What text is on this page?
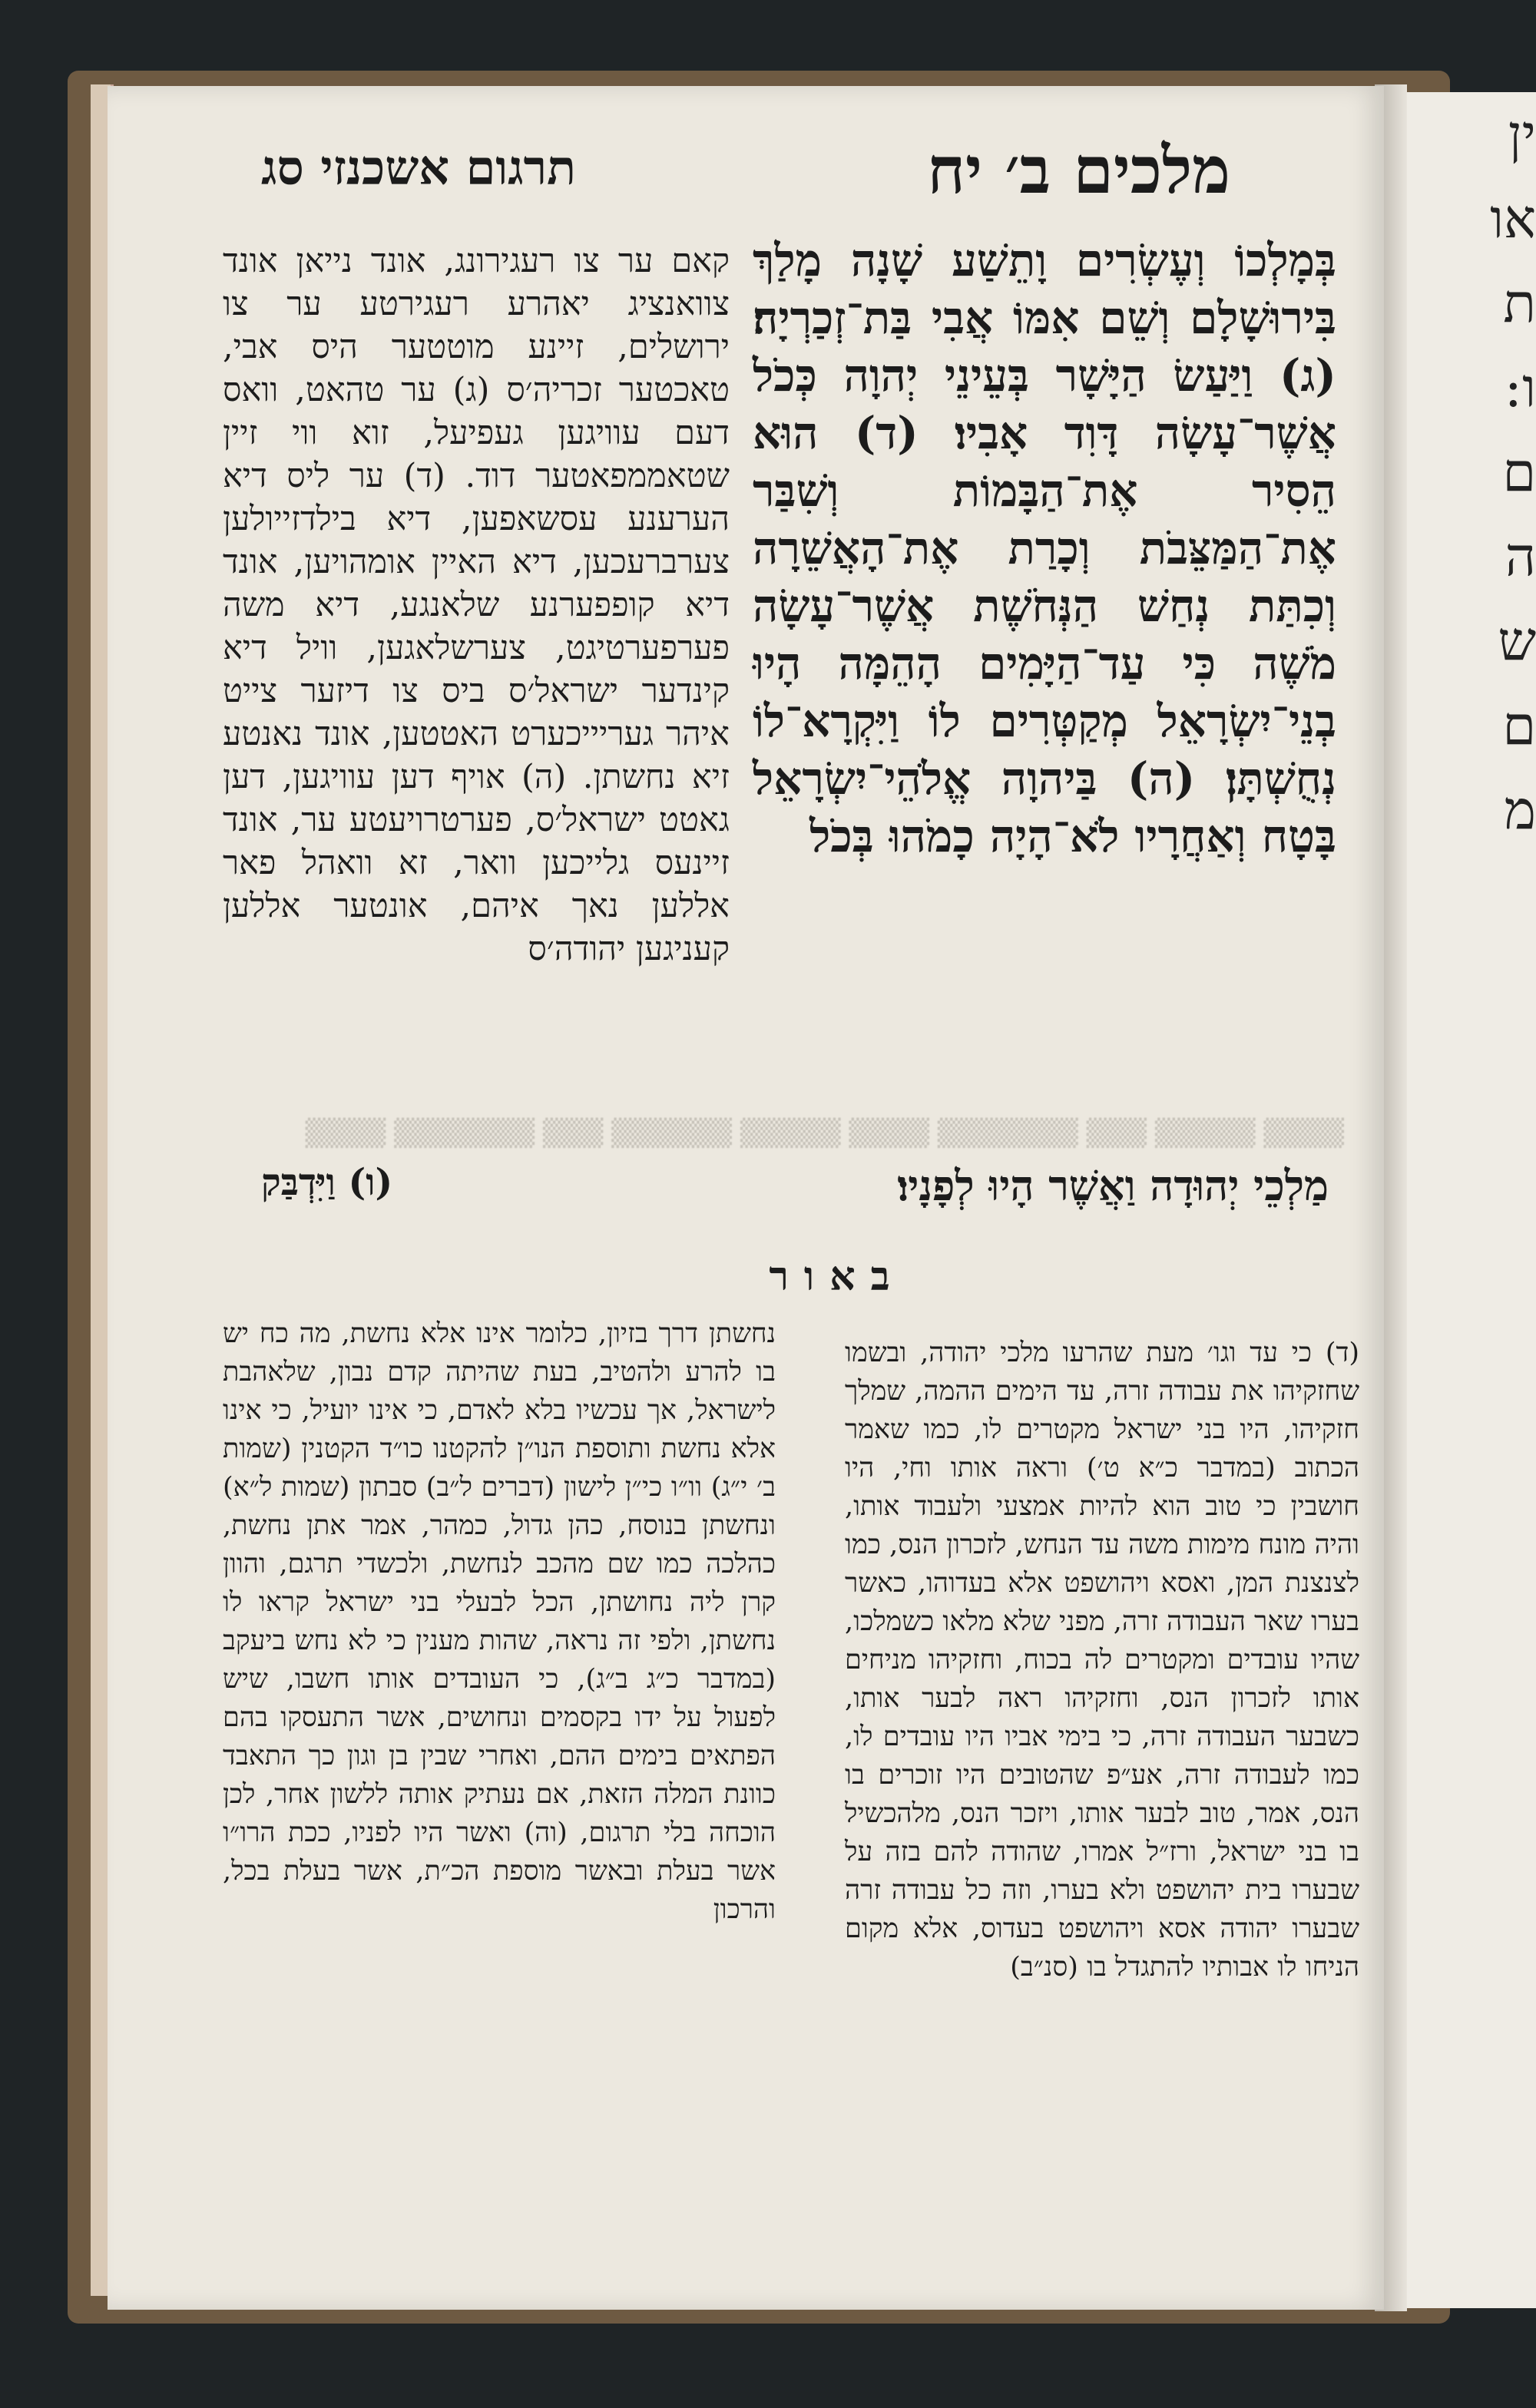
ין
או
ת
ו:
ם
ה
ש
ם
מ
מלכים ב׳ יח
תרגום אשכנזי סג
בְּמָלְכוֹ וְעֶשְׂרִים וָתֵשַׁע שָׁנָה מָלַךְ בִּירוּשָׁלָם וְשֵׁם אִמּוֹ אֲבִי בַּת־זְכַרְיָה׃ (ג) וַיַּעַשׂ הַיָּשָׁר בְּעֵינֵי יְהוָה כְּכֹל אֲשֶׁר־עָשָׂה דָּוִד אָבִיו׃ (ד) הוּא הֵסִיר אֶת־הַבָּמוֹת וְשִׁבַּר אֶת־הַמַּצֵּבֹת וְכָרַת אֶת־הָאֲשֵׁרָה וְכִתַּת נְחַשׁ הַנְּחֹשֶׁת אֲשֶׁר־עָשָׂה מֹשֶׁה כִּי עַד־הַיָּמִים הָהֵמָּה הָיוּ בְנֵי־יִשְׂרָאֵל מְקַטְּרִים לוֹ וַיִּקְרָא־לוֹ נְחֻשְׁתָּן׃ (ה) בַּיהוָה אֱלֹהֵי־יִשְׂרָאֵל בָּטָח וְאַחֲרָיו לֹא־הָיָה כָמֹהוּ בְּכֹל
קאם ער צו רעגירונג, אונד נייאן אונד צוואנציג יאהרע רעגירטע ער צו ירושלים, זיינע מוטטער היס אבי, טאכטער זכריה׳ס (ג) ער טהאט, וואס דעם עוויגען געפיעל, זוא ווי זיין שטאממפאטער דוד. (ד) ער ליס דיא הערענע עסשאפען, דיא בילדזייולען צערברעכען, דיא האיין אומהויען, אונד דיא קופפערנע שלאנגע, דיא משה פערפערטיגט, צערשלאגען, וויל דיא קינדער ישראל׳ס ביס צו דיזער צייט איהר געריייכערט האטטען, אונד נאנטע זיא נחשתן. (ה) אויף דען עוויגען, דען גאטט ישראל׳ס, פערטרויעטע ער, אונד זיינעס גלייכען וואר, זא וואהל פאר אללען נאך איהם, אונטער אללען קעניגען יהודה׳ס
▒▒▒▒ ▒▒▒▒▒ ▒▒▒ ▒▒▒▒▒▒▒ ▒▒▒▒ ▒▒▒▒▒ ▒▒▒▒▒▒ ▒▒▒ ▒▒▒▒▒▒▒ ▒▒▒▒
מַלְכֵי יְהוּדָה וַאֲשֶׁר הָיוּ לְפָנָיו׃
(ו) וַיִּדְבַּק
באור
(ד) כי עד וגו׳ מעת שהרעו מלכי יהודה, ובשמו שחזקיהו את עבודה זרה, עד הימים ההמה, שמלך חזקיהו, היו בני ישראל מקטרים לו, כמו שאמר הכתוב (במדבר כ״א ט׳) וראה אותו וחי, היו חושבין כי טוב הוא להיות אמצעי ולעבוד אותו, והיה מונח מימות משה עד הנחש, לזכרון הנס, כמו לצנצנת המן, ואסא ויהושפט אלא בעדוהו, כאשר בערו שאר העבודה זרה, מפני שלא מלאו כשמלכו, שהיו עובדים ומקטרים לה בכוח, וחזקיהו מניחים אותו לזכרון הנס, וחזקיהו ראה לבער אותו, כשבער העבודה זרה, כי בימי אביו היו עובדים לו, כמו לעבודה זרה, אע״פ שהטובים היו זוכרים בו הנס, אמר, טוב לבער אותו, ויזכר הנס, מלהכשיל בו בני ישראל, ורז״ל אמרו, שהודה להם בזה על שבערו בית יהושפט ולא בערו, וזה כל עבודה זרה שבערו יהודה אסא ויהושפט בעדוס, אלא מקום הניחו לו אבותיו להתגדל בו (סנ״ב)
נחשתן דרך בזיון, כלומר אינו אלא נחשת, מה כח יש בו להרע ולהטיב, בעת שהיתה קדם נבון, שלאהבת לישראל, אך עכשיו בלא לאדם, כי אינו יועיל, כי אינו אלא נחשת ותוספת הנו״ן להקטנו כו״ד הקטנין (שמות ב׳ י״ג) וו״ו כי״ן לישון (דברים ל״ב) סבתון (שמות ל״א) ונחשתן בנוסח, כהן גדול, כמהר, אמר אתן נחשת, כהלכה כמו שם מהכב לנחשת, ולכשדי תרגם, והוון קרן ליה נחושתן, הכל לבעלי בני ישראל קראו לו נחשתן, ולפי זה נראה, שהות מענין כי לא נחש ביעקב (במדבר כ״ג ב״ג), כי העובדים אותו חשבו, שיש לפעול על ידו בקסמים ונחושים, אשר התעסקו בהם הפתאים בימים ההם, ואחרי שבין בן וגון כך התאבד כוונת המלה הזאת, אם נעתיק אותה ללשון אחר, לכן הוכחה בלי תרגום, (וה) ואשר היו לפניו, ככת הרו״ו אשר בעלת ובאשר מוספת הכ״ת, אשר בעלת בכל, והרכון
